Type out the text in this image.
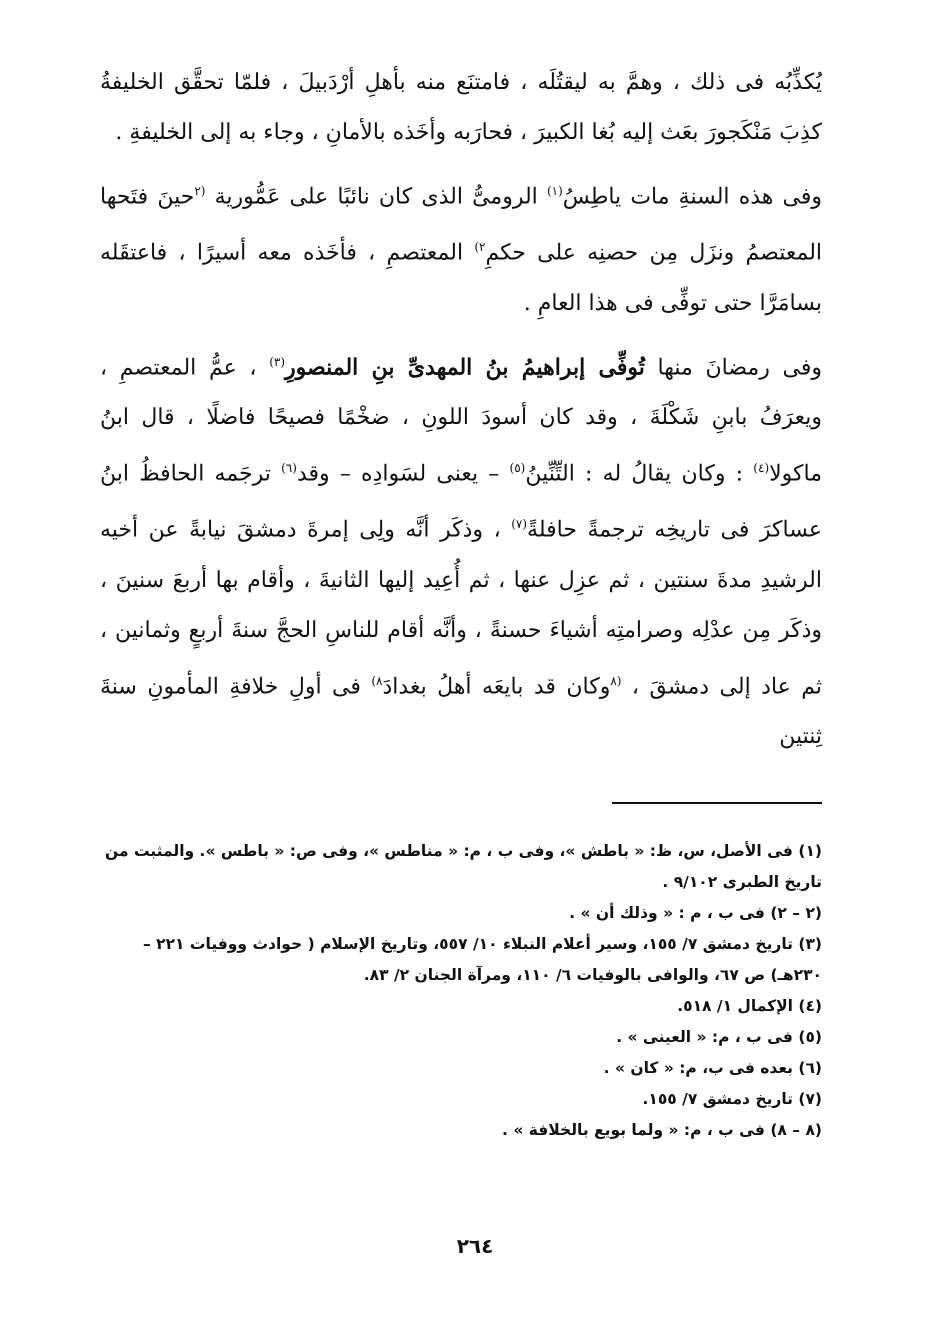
يُكذِّبُه فى ذلك ، وهمَّ به ليقتُلَه ، فامتنَع منه بأهلِ أرْدَبيلَ ، فلمّا تحقَّق الخليفةُ كذِبَ مَنْكَجورَ بعَث إليه بُغا الكبيرَ ، فحارَبه وأخَذه بالأمانِ ، وجاء به إلى الخليفةِ .

وفى هذه السنةِ مات ياطِسُ$^{(١)}$ الرومىُّ الذى كان نائبًا على عَمُّورية $^{(٢}$حينَ فتَحها المعتصمُ ونزَل مِن حصنِه على حكمِ$^{٢)}$ المعتصمِ ، فأخَذه معه أسيرًا ، فاعتقَله بسامَرَّا حتى توفِّى فى هذا العامِ .

وفى رمضانَ منها تُوفِّى إبراهيمُ بنُ المهدىِّ بنِ المنصورِ$^{(٣)}$ ، عمُّ المعتصمِ ، ويعرَفُ بابنِ شَكْلَةَ ، وقد كان أسودَ اللونِ ، ضخْمًا فصيحًا فاضلًا ، قال ابنُ ماكولا$^{(٤)}$ : وكان يقالُ له : التِّنِّينُ$^{(٥)}$ – يعنى لسَوادِه – وقد$^{(٦)}$ ترجَمه الحافظُ ابنُ عساكرَ فى تاريخِه ترجمةً حافلةً$^{(٧)}$ ، وذكَر أنَّه ولِى إمرةَ دمشقَ نيابةً عن أخيه الرشيدِ مدةَ سنتين ، ثم عزِل عنها ، ثم أُعِيد إليها الثانيةَ ، وأقام بها أربعَ سنينَ ، وذكَر مِن عدْلِه وصرامتِه أشياءَ حسنةً ، وأنَّه أقام للناسِ الحجَّ سنةَ أربعٍ وثمانين ، ثم عاد إلى دمشقَ ، $^{(٨}$وكان قد بايعَه أهلُ بغدادَ$^{٨)}$ فى أولِ خلافةِ المأمونِ سنةَ ثِنتين

(١) فى الأصل، س، ظ: « باطش »، وفى ب ، م: « مناطس »، وفى ص: « باطس ». والمثبت من تاريخ الطبرى ٩/١٠٢ .

(٢ – ٢) فى ب ، م : « وذلك أن » .

(٣) تاريخ دمشق ٧/ ١٥٥، وسير أعلام النبلاء ١٠/ ٥٥٧، وتاريخ الإسلام ( حوادث ووفيات ٢٢١ – ٢٣٠هـ) ص ٦٧، والوافى بالوفيات ٦/ ١١٠، ومرآة الجنان ٢/ ٨٣.

(٤) الإكمال ١/ ٥١٨.

(٥) فى ب ، م: « العينى » .

(٦) بعده فى ب، م: « كان » .

(٧) تاريخ دمشق ٧/ ١٥٥.

(٨ – ٨) فى ب ، م: « ولما بويع بالخلافة » .

٢٦٤
